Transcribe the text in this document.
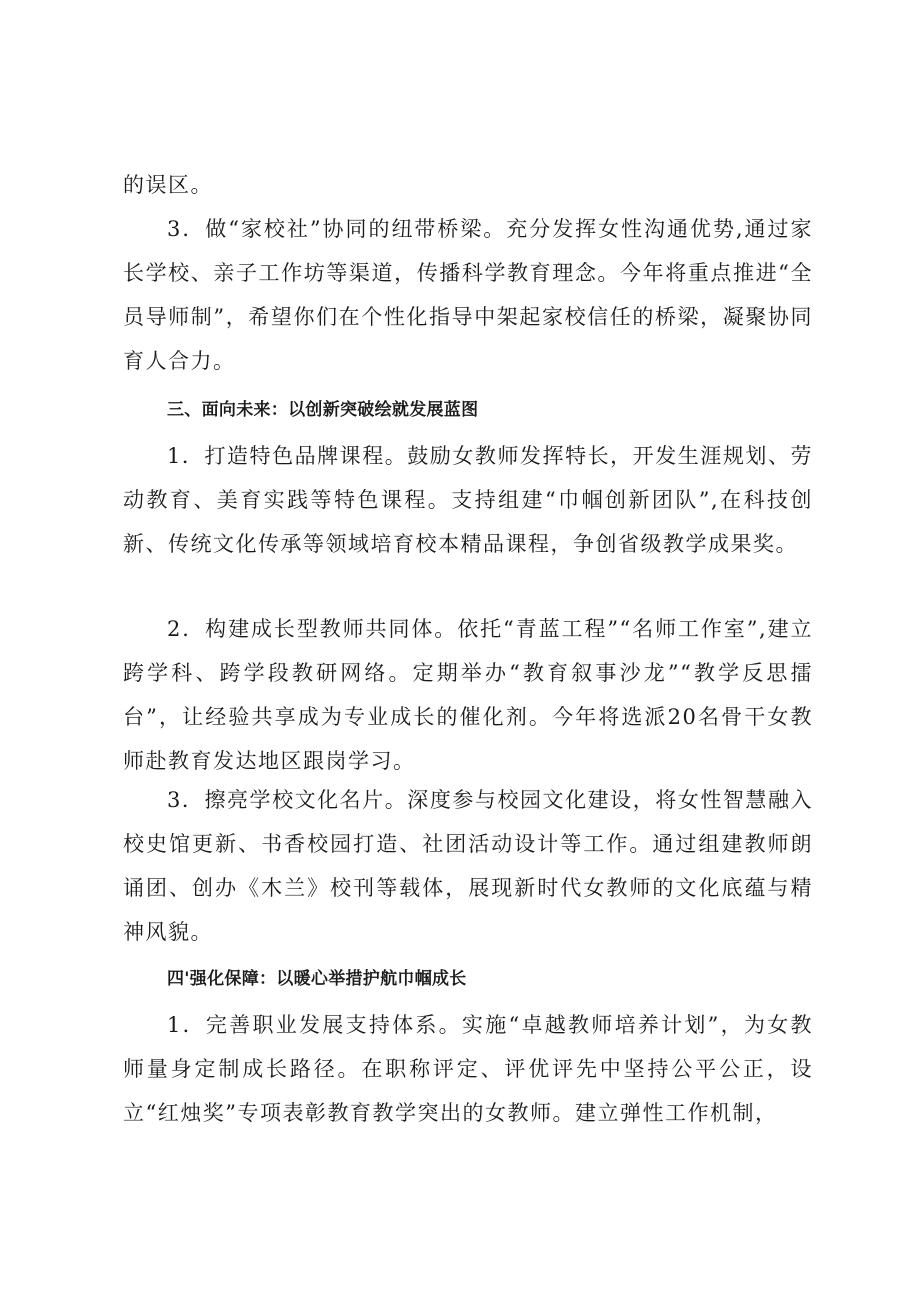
的误区。

3．做“家校社”协同的纽带桥梁。充分发挥女性沟通优势,通过家长学校、亲子工作坊等渠道，传播科学教育理念。今年将重点推进“全员导师制”，希望你们在个性化指导中架起家校信任的桥梁，凝聚协同育人合力。

三、面向未来：以创新突破绘就发展蓝图

1．打造特色品牌课程。鼓励女教师发挥特长，开发生涯规划、劳动教育、美育实践等特色课程。支持组建“巾帼创新团队”,在科技创新、传统文化传承等领域培育校本精品课程，争创省级教学成果奖。

2．构建成长型教师共同体。依托“青蓝工程”“名师工作室”,建立跨学科、跨学段教研网络。定期举办“教育叙事沙龙”“教学反思擂台”，让经验共享成为专业成长的催化剂。今年将选派20名骨干女教师赴教育发达地区跟岗学习。

3．擦亮学校文化名片。深度参与校园文化建设，将女性智慧融入校史馆更新、书香校园打造、社团活动设计等工作。通过组建教师朗诵团、创办《木兰》校刊等载体，展现新时代女教师的文化底蕴与精神风貌。

四'强化保障：以暖心举措护航巾帼成长

1．完善职业发展支持体系。实施“卓越教师培养计划”，为女教师量身定制成长路径。在职称评定、评优评先中坚持公平公正，设立“红烛奖”专项表彰教育教学突出的女教师。建立弹性工作机制，
